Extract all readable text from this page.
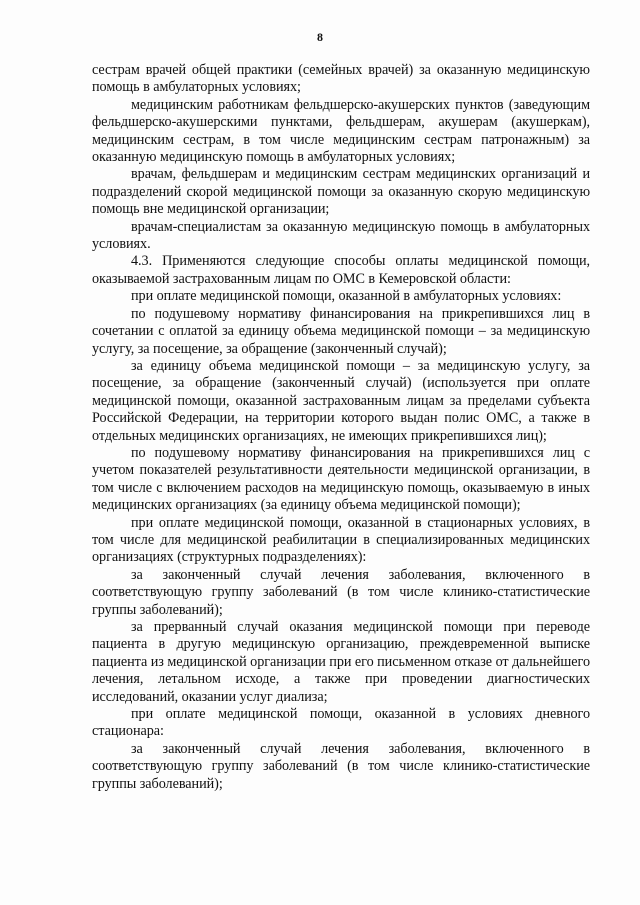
8

сестрам врачей общей практики (семейных врачей) за оказанную медицинскую помощь в амбулаторных условиях;

медицинским работникам фельдшерско-акушерских пунктов (заведующим фельдшерско-акушерскими пунктами, фельдшерам, акушерам (акушеркам), медицинским сестрам, в том числе медицинским сестрам патронажным) за оказанную медицинскую помощь в амбулаторных условиях;

врачам, фельдшерам и медицинским сестрам медицинских организаций и подразделений скорой медицинской помощи за оказанную скорую медицинскую помощь вне медицинской организации;

врачам-специалистам за оказанную медицинскую помощь в амбулаторных условиях.

4.3. Применяются следующие способы оплаты медицинской помощи, оказываемой застрахованным лицам по ОМС в Кемеровской области:

при оплате медицинской помощи, оказанной в амбулаторных условиях:

по подушевому нормативу финансирования на прикрепившихся лиц в сочетании с оплатой за единицу объема медицинской помощи – за медицинскую услугу, за посещение, за обращение (законченный случай);

за единицу объема медицинской помощи – за медицинскую услугу, за посещение, за обращение (законченный случай) (используется при оплате медицинской помощи, оказанной застрахованным лицам за пределами субъекта Российской Федерации, на территории которого выдан полис ОМС, а также в отдельных медицинских организациях, не имеющих прикрепившихся лиц);

по подушевому нормативу финансирования на прикрепившихся лиц с учетом показателей результативности деятельности медицинской организации, в том числе с включением расходов на медицинскую помощь, оказываемую в иных медицинских организациях (за единицу объема медицинской помощи);

при оплате медицинской помощи, оказанной в стационарных условиях, в том числе для медицинской реабилитации в специализированных медицинских организациях (структурных подразделениях):

за законченный случай лечения заболевания, включенного в соответствующую группу заболеваний (в том числе клинико-статистические группы заболеваний);

за прерванный случай оказания медицинской помощи при переводе пациента в другую медицинскую организацию, преждевременной выписке пациента из медицинской организации при его письменном отказе от дальнейшего лечения, летальном исходе, а также при проведении диагностических исследований, оказании услуг диализа;

при оплате медицинской помощи, оказанной в условиях дневного стационара:

за законченный случай лечения заболевания, включенного в соответствующую группу заболеваний (в том числе клинико-статистические группы заболеваний);
